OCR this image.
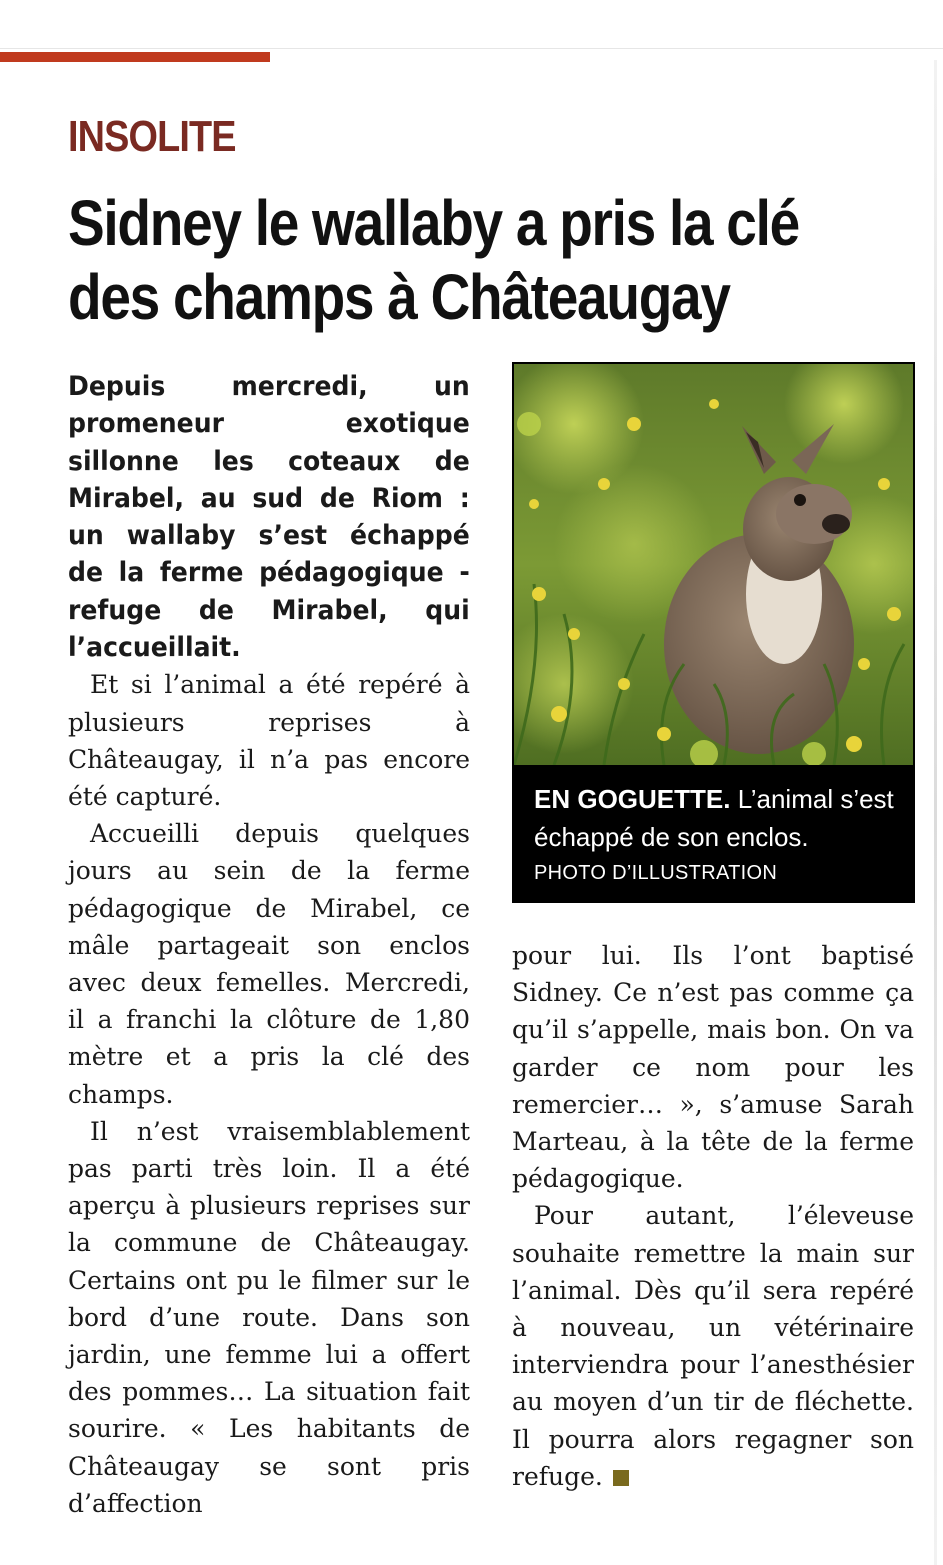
INSOLITE
Sidney le wallaby a pris la clé des champs à Châteaugay

Depuis mercredi, un promeneur exotique sillonne les coteaux de Mirabel, au sud de Riom : un wallaby s’est échappé de la ferme pédagogique - refuge de Mirabel, qui l’accueillait.

Et si l’animal a été repéré à plusieurs reprises à Châteaugay, il n’a pas encore été capturé.

Accueilli depuis quelques jours au sein de la ferme pédagogique de Mirabel, ce mâle partageait son enclos avec deux femelles. Mercredi, il a franchi la clôture de 1,80 mètre et a pris la clé des champs.

Il n’est vraisemblablement pas parti très loin. Il a été aperçu à plusieurs reprises sur la commune de Châteaugay. Certains ont pu le filmer sur le bord d’une route. Dans son jardin, une femme lui a offert des pommes… La situation fait sourire. « Les habitants de Châteaugay se sont pris d’affection

EN GOGUETTE. L’animal s’est échappé de son enclos.
PHOTO D’ILLUSTRATION

pour lui. Ils l’ont baptisé Sidney. Ce n’est pas comme ça qu’il s’appelle, mais bon. On va garder ce nom pour les remercier… », s’amuse Sarah Marteau, à la tête de la ferme pédagogique.

Pour autant, l’éleveuse souhaite remettre la main sur l’animal. Dès qu’il sera repéré à nouveau, un vétérinaire interviendra pour l’anesthésier au moyen d’un tir de fléchette. Il pourra alors regagner son refuge.
